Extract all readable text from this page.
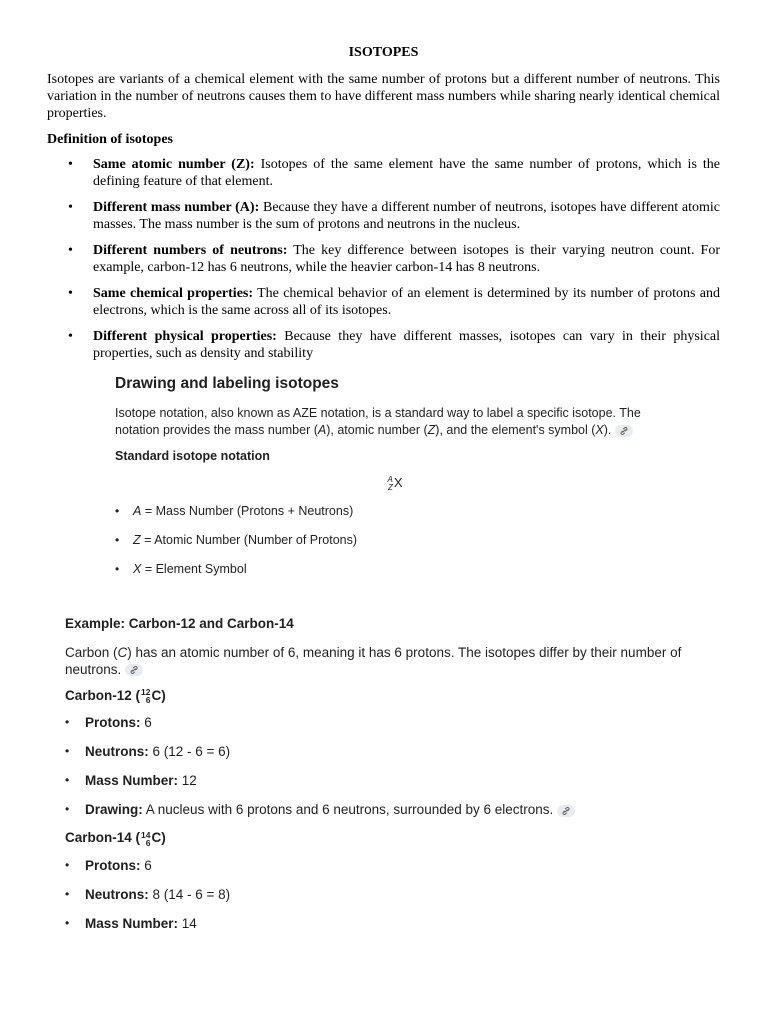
ISOTOPES

Isotopes are variants of a chemical element with the same number of protons but a different number of neutrons. This variation in the number of neutrons causes them to have different mass numbers while sharing nearly identical chemical properties.

Definition of isotopes
• Same atomic number (Z): Isotopes of the same element have the same number of protons, which is the defining feature of that element.
• Different mass number (A): Because they have a different number of neutrons, isotopes have different atomic masses. The mass number is the sum of protons and neutrons in the nucleus.
• Different numbers of neutrons: The key difference between isotopes is their varying neutron count. For example, carbon-12 has 6 neutrons, while the heavier carbon-14 has 8 neutrons.
• Same chemical properties: The chemical behavior of an element is determined by its number of protons and electrons, which is the same across all of its isotopes.
• Different physical properties: Because they have different masses, isotopes can vary in their physical properties, such as density and stability
Drawing and labeling isotopes

Isotope notation, also known as AZE notation, is a standard way to label a specific isotope. The notation provides the mass number (A), atomic number (Z), and the element's symbol (X).

Standard isotope notation
A
ZX
• A = Mass Number (Protons + Neutrons)
• Z = Atomic Number (Number of Protons)
• X = Element Symbol
Example: Carbon-12 and Carbon-14

Carbon (C) has an atomic number of 6, meaning it has 6 protons. The isotopes differ by their number of neutrons.

Carbon-12 (12
6C)
• Protons: 6
• Neutrons: 6 (12 - 6 = 6)
• Mass Number: 12
• Drawing: A nucleus with 6 protons and 6 neutrons, surrounded by 6 electrons.
Carbon-14 (14
6C)
• Protons: 6
• Neutrons: 8 (14 - 6 = 8)
• Mass Number: 14
